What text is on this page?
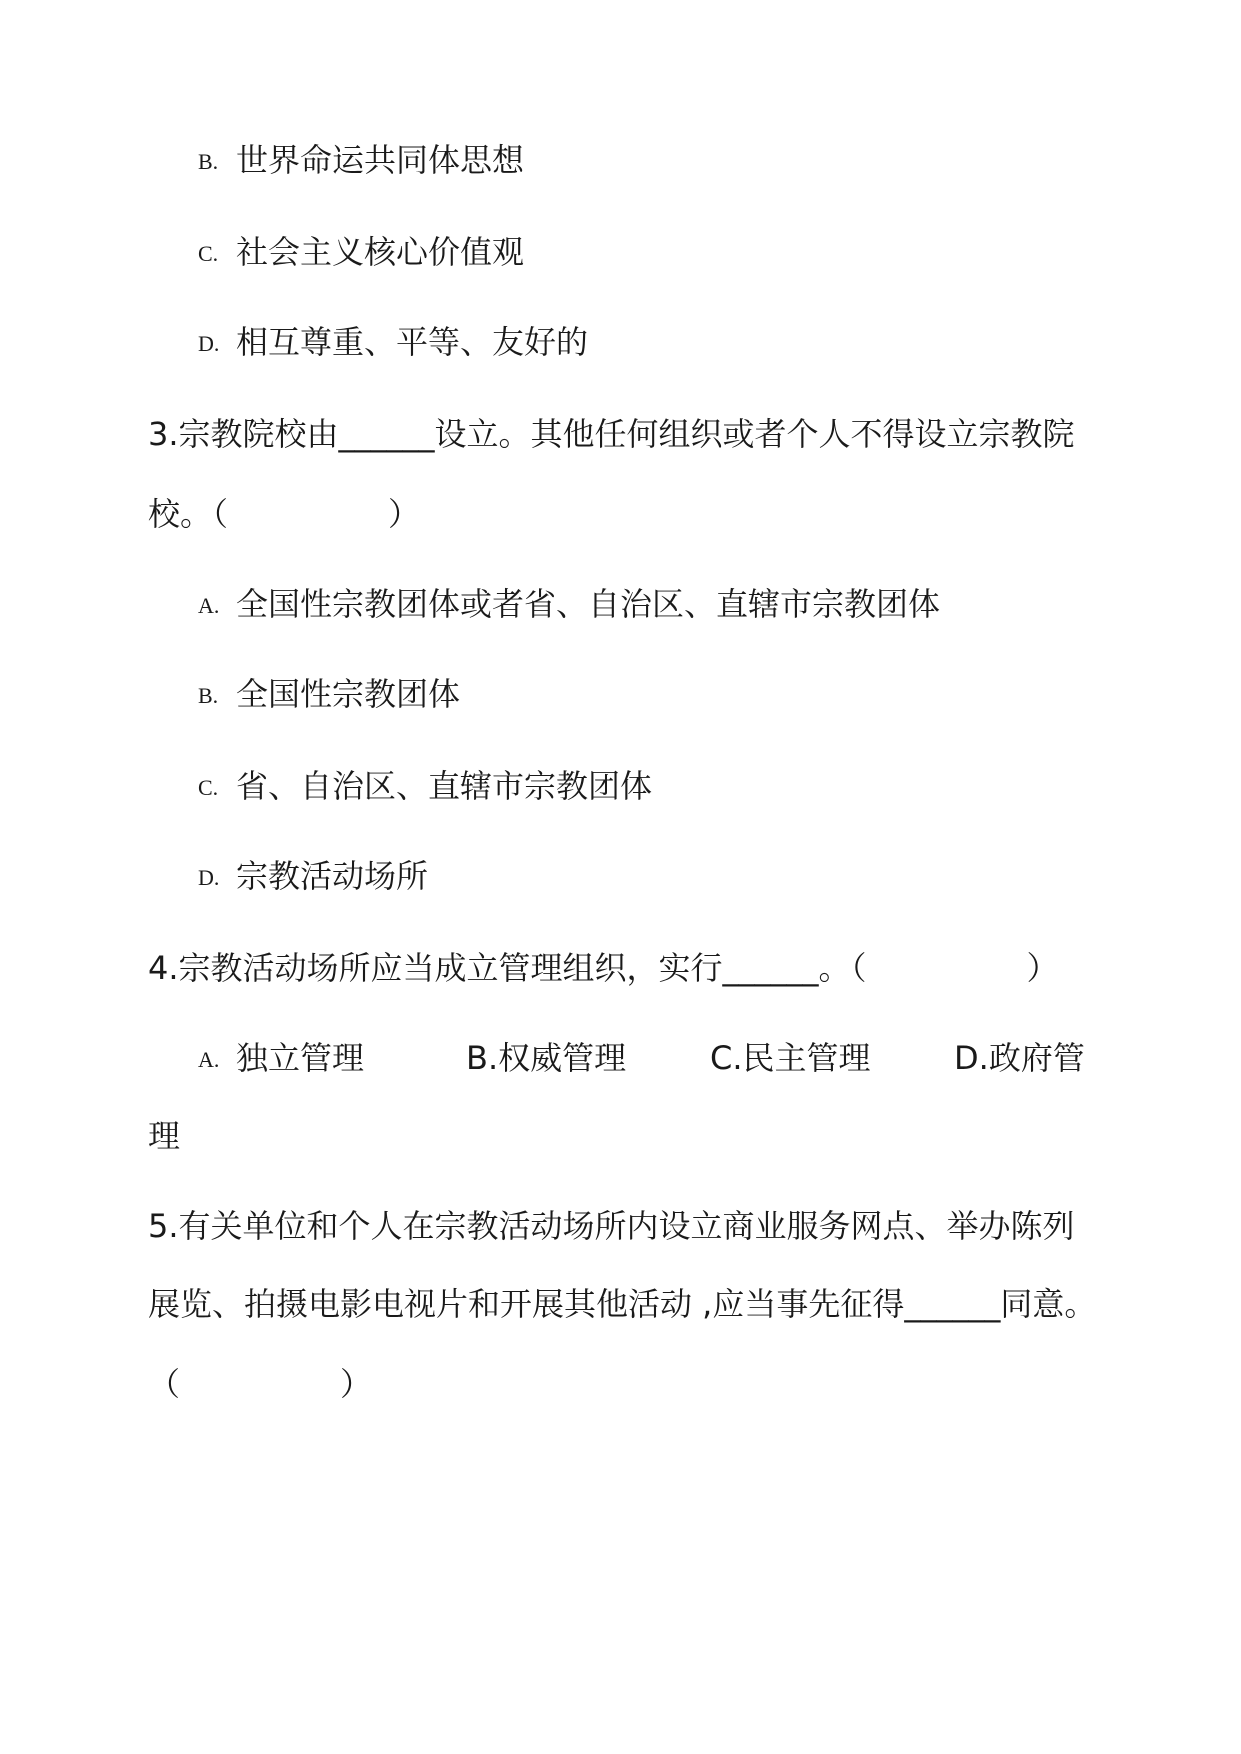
B. 世界命运共同体思想
C. 社会主义核心价值观
D. 相互尊重、平等、友好的
3.宗教院校由______设立。其他任何组织或者个人不得设立宗教院
校。（　　　　　）
A. 全国性宗教团体或者省、自治区、直辖市宗教团体
B. 全国性宗教团体
C. 省、自治区、直辖市宗教团体
D. 宗教活动场所
4.宗教活动场所应当成立管理组织，实行______。（　　　　　）
A. 独立管理	B.权威管理	C.民主管理	D.政府管
理
5.有关单位和个人在宗教活动场所内设立商业服务网点、举办陈列
展览、拍摄电影电视片和开展其他活动 ,应当事先征得______同意。
（　　　　　）
